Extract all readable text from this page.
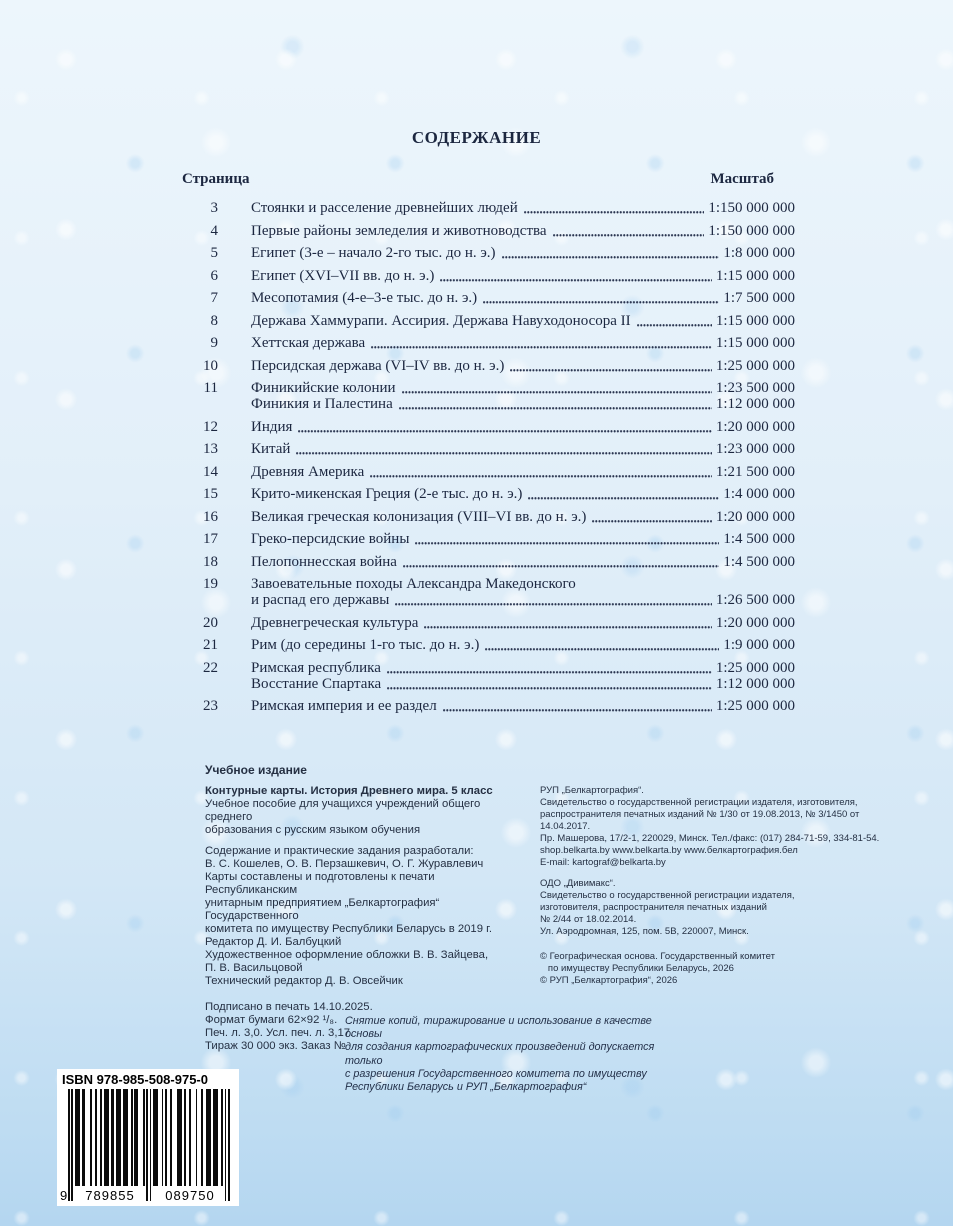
СОДЕРЖАНИЕ
Страница	Масштаб
3 Стоянки и расселение древнейших людей	1:150 000 000
4 Первые районы земледелия и животноводства	1:150 000 000
5 Египет (3-е – начало 2-го тыс. до н. э.)	1:8 000 000
6 Египет (XVI–VII вв. до н. э.)	1:15 000 000
7 Месопотамия (4-е–3-е тыс. до н. э.)	1:7 500 000
8 Держава Хаммурапи. Ассирия. Держава Навуходоносора II	1:15 000 000
9 Хеттская держава	1:15 000 000
10 Персидская держава (VI–IV вв. до н. э.)	1:25 000 000
11 Финикийские колонии	1:23 500 000
Финикия и Палестина	1:12 000 000
12 Индия	1:20 000 000
13 Китай	1:23 000 000
14 Древняя Америка	1:21 500 000
15 Крито-микенская Греция (2-е тыс. до н. э.)	1:4 000 000
16 Великая греческая колонизация (VIII–VI вв. до н. э.)	1:20 000 000
17 Греко-персидские войны	1:4 500 000
18 Пелопоннесская война	1:4 500 000
19 Завоевательные походы Александра Македонского
и распад его державы	1:26 500 000
20 Древнегреческая культура	1:20 000 000
21 Рим (до середины 1-го тыс. до н. э.)	1:9 000 000
22 Римская республика	1:25 000 000
Восстание Спартака	1:12 000 000
23 Римская империя и ее раздел	1:25 000 000

Учебное издание

Контурные карты. История Древнего мира. 5 класс
Учебное пособие для учащихся учреждений общего среднего
образования с русским языком обучения

Содержание и практические задания разработали:
В. С. Кошелев, О. В. Перзашкевич, О. Г. Журавлевич
Карты составлены и подготовлены к печати Республиканским
унитарным предприятием „Белкартография“ Государственного
комитета по имуществу Республики Беларусь в 2019 г.
Редактор Д. И. Балбуцкий
Художественное оформление обложки В. В. Зайцева,
П. В. Васильцовой
Технический редактор Д. В. Овсейчик

Подписано в печать 14.10.2025.
Формат бумаги 62×92 ¹/₈.
Печ. л. 3,0. Усл. печ. л. 3,17.
Тираж 30 000 экз. Заказ №

РУП „Белкартография“.
Свидетельство о государственной регистрации издателя, изготовителя,
распространителя печатных изданий № 1/30 от 19.08.2013, № 3/1450 от 14.04.2017.
Пр. Машерова, 17/2-1, 220029, Минск. Тел./факс: (017) 284-71-59, 334-81-54.
shop.belkarta.by www.belkarta.by www.белкартография.бел
E-mail: kartograf@belkarta.by

ОДО „Дивимакс“.
Свидетельство о государственной регистрации издателя,
изготовителя, распространителя печатных изданий
№ 2/44 от 18.02.2014.
Ул. Аэродромная, 125, пом. 5В, 220007, Минск.

© Географическая основа. Государственный комитет
по имуществу Республики Беларусь, 2026
© РУП „Белкартография“, 2026

Снятие копий, тиражирование и использование в качестве основы
для создания картографических произведений допускается только
с разрешения Государственного комитета по имуществу
Республики Беларусь и РУП „Белкартография“
ISBN 978-985-508-975-0
9	789855	089750
